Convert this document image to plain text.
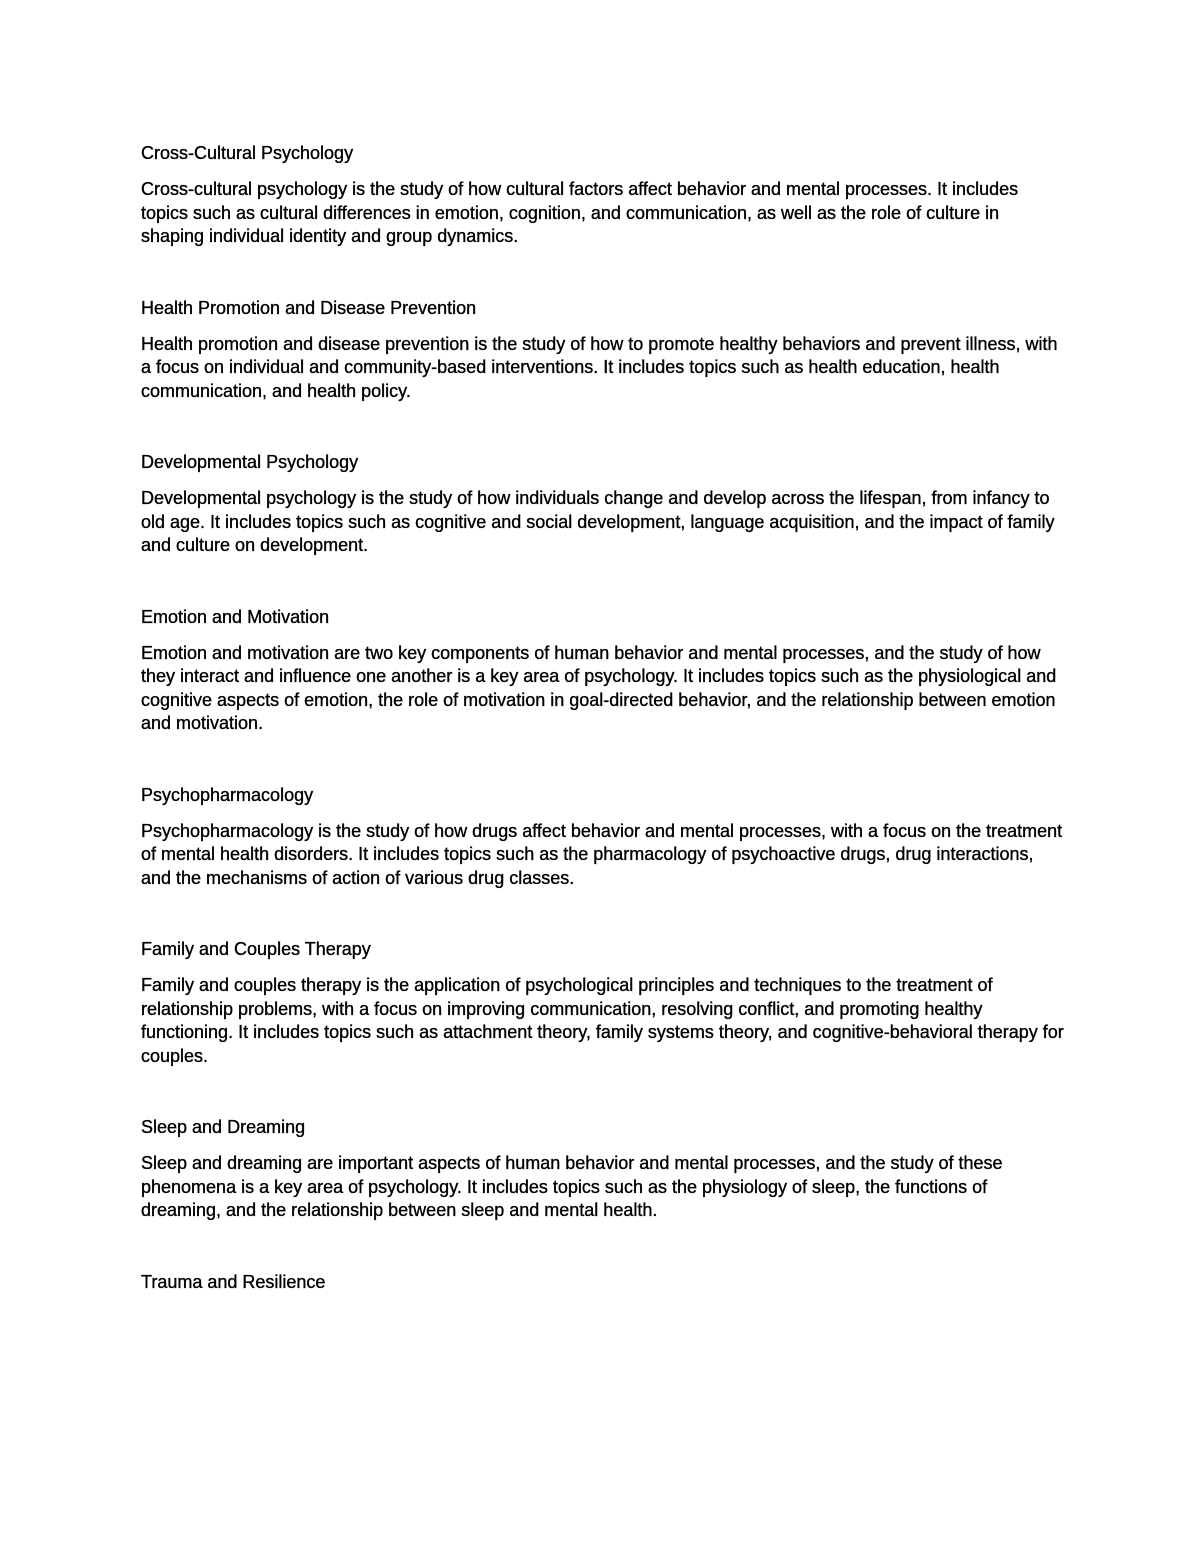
Cross-Cultural Psychology

Cross-cultural psychology is the study of how cultural factors affect behavior and mental processes. It includes topics such as cultural differences in emotion, cognition, and communication, as well as the role of culture in shaping individual identity and group dynamics.

Health Promotion and Disease Prevention

Health promotion and disease prevention is the study of how to promote healthy behaviors and prevent illness, with a focus on individual and community-based interventions. It includes topics such as health education, health communication, and health policy.

Developmental Psychology

Developmental psychology is the study of how individuals change and develop across the lifespan, from infancy to old age. It includes topics such as cognitive and social development, language acquisition, and the impact of family and culture on development.

Emotion and Motivation

Emotion and motivation are two key components of human behavior and mental processes, and the study of how they interact and influence one another is a key area of psychology. It includes topics such as the physiological and cognitive aspects of emotion, the role of motivation in goal-directed behavior, and the relationship between emotion and motivation.

Psychopharmacology

Psychopharmacology is the study of how drugs affect behavior and mental processes, with a focus on the treatment of mental health disorders. It includes topics such as the pharmacology of psychoactive drugs, drug interactions, and the mechanisms of action of various drug classes.

Family and Couples Therapy

Family and couples therapy is the application of psychological principles and techniques to the treatment of relationship problems, with a focus on improving communication, resolving conflict, and promoting healthy functioning. It includes topics such as attachment theory, family systems theory, and cognitive-behavioral therapy for couples.

Sleep and Dreaming

Sleep and dreaming are important aspects of human behavior and mental processes, and the study of these phenomena is a key area of psychology. It includes topics such as the physiology of sleep, the functions of dreaming, and the relationship between sleep and mental health.

Trauma and Resilience
